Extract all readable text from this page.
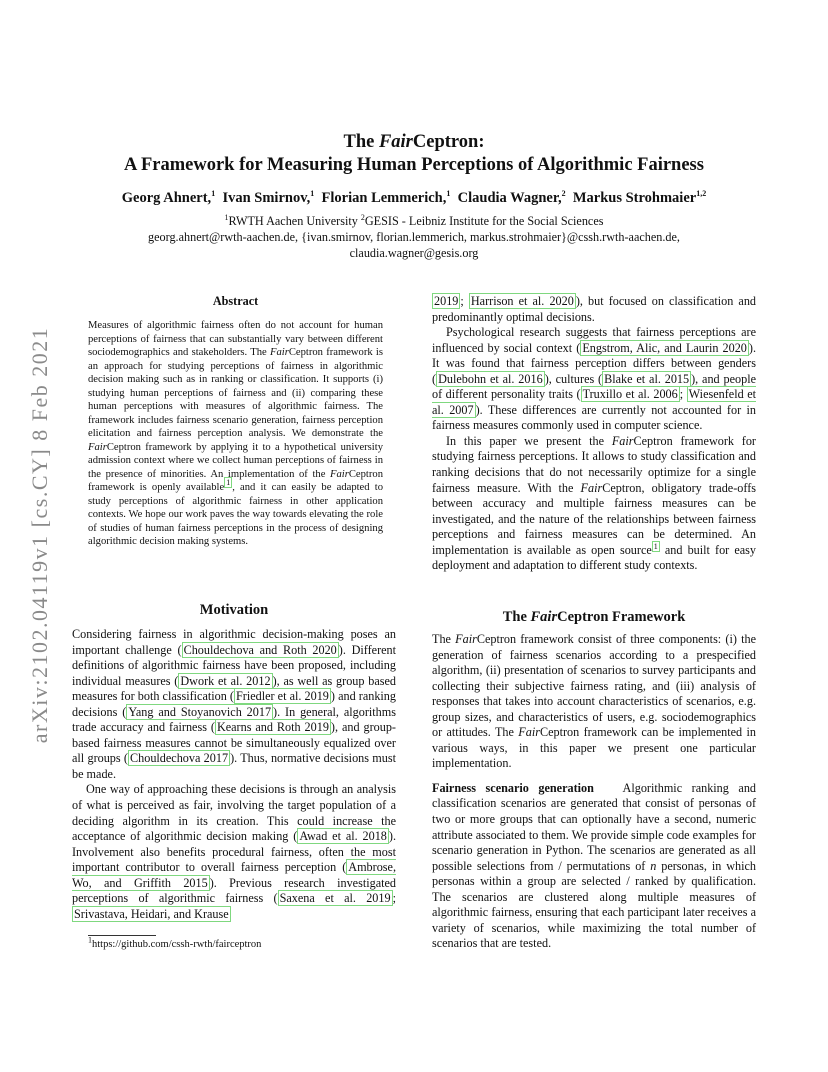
arXiv:2102.04119v1 [cs.CY] 8 Feb 2021
The FairCeptron:
A Framework for Measuring Human Perceptions of Algorithmic Fairness
Georg Ahnert,$^1$ Ivan Smirnov,$^1$ Florian Lemmerich,$^1$ Claudia Wagner,$^2$ Markus Strohmaier$^{1,2}$
$^1$RWTH Aachen University $^2$GESIS - Leibniz Institute for the Social Sciences
georg.ahnert@rwth-aachen.de, {ivan.smirnov, florian.lemmerich, markus.strohmaier}@cssh.rwth-aachen.de,
claudia.wagner@gesis.org
Abstract

Measures of algorithmic fairness often do not account for human perceptions of fairness that can substantially vary between different sociodemographics and stakeholders. The FairCeptron framework is an approach for studying perceptions of fairness in algorithmic decision making such as in ranking or classification. It supports (i) studying human perceptions of fairness and (ii) comparing these human perceptions with measures of algorithmic fairness. The framework includes fairness scenario generation, fairness perception elicitation and fairness perception analysis. We demonstrate the FairCeptron framework by applying it to a hypothetical university admission context where we collect human perceptions of fairness in the presence of minorities. An implementation of the FairCeptron framework is openly available $^1$ , and it can easily be adapted to study perceptions of algorithmic fairness in other application contexts. We hope our work paves the way towards elevating the role of studies of human fairness perceptions in the process of designing algorithmic decision making systems.

Motivation

Considering fairness in algorithmic decision-making poses an important challenge ( Chouldechova and Roth 2020 ). Different definitions of algorithmic fairness have been proposed, including individual measures ( Dwork et al. 2012 ), as well as group based measures for both classification ( Friedler et al. 2019 ) and ranking decisions ( Yang and Stoyanovich 2017 ). In general, algorithms trade accuracy and fairness ( Kearns and Roth 2019 ), and group-based fairness measures cannot be simultaneously equalized over all groups ( Chouldechova 2017 ). Thus, normative decisions must be made.

One way of approaching these decisions is through an analysis of what is perceived as fair, involving the target population of a deciding algorithm in its creation. This could increase the acceptance of algorithmic decision making ( Awad et al. 2018 ). Involvement also benefits procedural fairness, often the most important contributor to overall fairness perception ( Ambrose, Wo, and Griffith 2015 ). Previous research investigated perceptions of algorithmic fairness ( Saxena et al. 2019 ; Srivastava, Heidari, and Krause

$^1$https://github.com/cssh-rwth/fairceptron

2019 ; Harrison et al. 2020 ), but focused on classification and predominantly optimal decisions.

Psychological research suggests that fairness perceptions are influenced by social context ( Engstrom, Alic, and Laurin 2020 ). It was found that fairness perception differs between genders ( Dulebohn et al. 2016 ), cultures ( Blake et al. 2015 ), and people of different personality traits ( Truxillo et al. 2006 ; Wiesenfeld et al. 2007 ). These differences are currently not accounted for in fairness measures commonly used in computer science.

In this paper we present the FairCeptron framework for studying fairness perceptions. It allows to study classification and ranking decisions that do not necessarily optimize for a single fairness measure. With the FairCeptron, obligatory trade-offs between accuracy and multiple fairness measures can be investigated, and the nature of the relationships between fairness perceptions and fairness measures can be determined. An implementation is available as open source $^1$ and built for easy deployment and adaptation to different study contexts.

The FairCeptron Framework

The FairCeptron framework consist of three components: (i) the generation of fairness scenarios according to a prespecified algorithm, (ii) presentation of scenarios to survey participants and collecting their subjective fairness rating, and (iii) analysis of responses that takes into account characteristics of scenarios, e.g. group sizes, and characteristics of users, e.g. sociodemographics or attitudes. The FairCeptron framework can be implemented in various ways, in this paper we present one particular implementation.

Fairness scenario generation Algorithmic ranking and classification scenarios are generated that consist of personas of two or more groups that can optionally have a second, numeric attribute associated to them. We provide simple code examples for scenario generation in Python. The scenarios are generated as all possible selections from / permutations of n personas, in which personas within a group are selected / ranked by qualification. The scenarios are clustered along multiple measures of algorithmic fairness, ensuring that each participant later receives a variety of scenarios, while maximizing the total number of scenarios that are tested.
